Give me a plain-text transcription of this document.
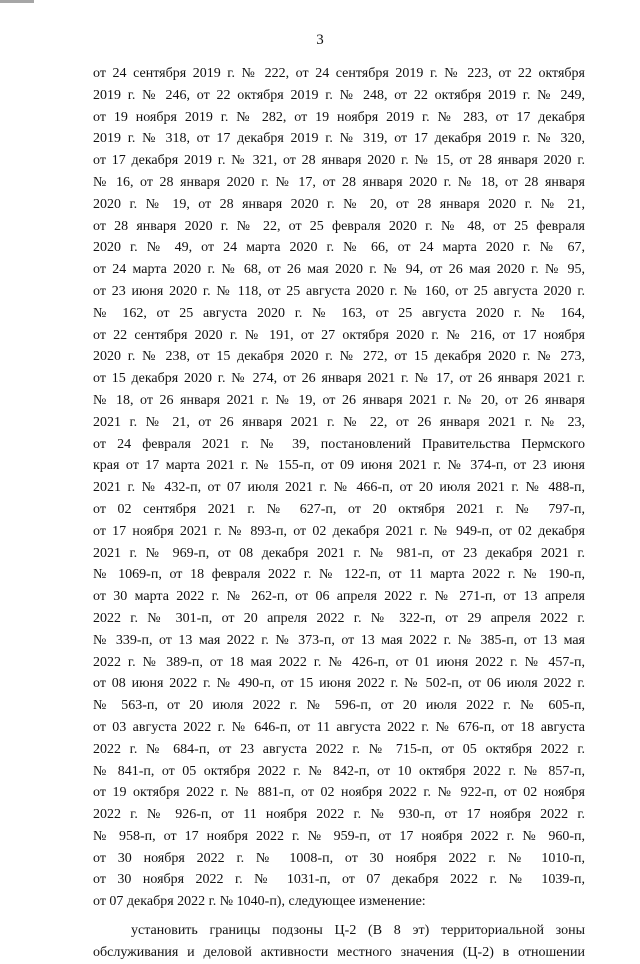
3
от 24 сентября 2019 г. № 222, от 24 сентября 2019 г. № 223, от 22 октября
2019 г. № 246, от 22 октября 2019 г. № 248, от 22 октября 2019 г. № 249,
от 19 ноября 2019 г. № 282, от 19 ноября 2019 г. № 283, от 17 декабря
2019 г. № 318, от 17 декабря 2019 г. № 319, от 17 декабря 2019 г. № 320,
от 17 декабря 2019 г. № 321, от 28 января 2020 г. № 15, от 28 января 2020 г.
№ 16, от 28 января 2020 г. № 17, от 28 января 2020 г. № 18, от 28 января
2020 г. № 19, от 28 января 2020 г. № 20, от 28 января 2020 г. № 21,
от 28 января 2020 г. № 22, от 25 февраля 2020 г. № 48, от 25 февраля
2020 г. № 49, от 24 марта 2020 г. № 66, от 24 марта 2020 г. № 67,
от 24 марта 2020 г. № 68, от 26 мая 2020 г. № 94, от 26 мая 2020 г. № 95,
от 23 июня 2020 г. № 118, от 25 августа 2020 г. № 160, от 25 августа 2020 г.
№ 162, от 25 августа 2020 г. № 163, от 25 августа 2020 г. № 164,
от 22 сентября 2020 г. № 191, от 27 октября 2020 г. № 216, от 17 ноября
2020 г. № 238, от 15 декабря 2020 г. № 272, от 15 декабря 2020 г. № 273,
от 15 декабря 2020 г. № 274, от 26 января 2021 г. № 17, от 26 января 2021 г.
№ 18, от 26 января 2021 г. № 19, от 26 января 2021 г. № 20, от 26 января
2021 г. № 21, от 26 января 2021 г. № 22, от 26 января 2021 г. № 23,
от 24 февраля 2021 г. № 39, постановлений Правительства Пермского
края от 17 марта 2021 г. № 155-п, от 09 июня 2021 г. № 374-п, от 23 июня
2021 г. № 432-п, от 07 июля 2021 г. № 466-п, от 20 июля 2021 г. № 488-п,
от 02 сентября 2021 г. № 627-п, от 20 октября 2021 г. № 797-п,
от 17 ноября 2021 г. № 893-п, от 02 декабря 2021 г. № 949-п, от 02 декабря
2021 г. № 969-п, от 08 декабря 2021 г. № 981-п, от 23 декабря 2021 г.
№ 1069-п, от 18 февраля 2022 г. № 122-п, от 11 марта 2022 г. № 190-п,
от 30 марта 2022 г. № 262-п, от 06 апреля 2022 г. № 271-п, от 13 апреля
2022 г. № 301-п, от 20 апреля 2022 г. № 322-п, от 29 апреля 2022 г.
№ 339-п, от 13 мая 2022 г. № 373-п, от 13 мая 2022 г. № 385-п, от 13 мая
2022 г. № 389-п, от 18 мая 2022 г. № 426-п, от 01 июня 2022 г. № 457-п,
от 08 июня 2022 г. № 490-п, от 15 июня 2022 г. № 502-п, от 06 июля 2022 г.
№ 563-п, от 20 июля 2022 г. № 596-п, от 20 июля 2022 г. № 605-п,
от 03 августа 2022 г. № 646-п, от 11 августа 2022 г. № 676-п, от 18 августа
2022 г. № 684-п, от 23 августа 2022 г. № 715-п, от 05 октября 2022 г.
№ 841-п, от 05 октября 2022 г. № 842-п, от 10 октября 2022 г. № 857-п,
от 19 октября 2022 г. № 881-п, от 02 ноября 2022 г. № 922-п, от 02 ноября
2022 г. № 926-п, от 11 ноября 2022 г. № 930-п, от 17 ноября 2022 г.
№ 958-п, от 17 ноября 2022 г. № 959-п, от 17 ноября 2022 г. № 960-п,
от 30 ноября 2022 г. № 1008-п, от 30 ноября 2022 г. № 1010-п,
от 30 ноября 2022 г. № 1031-п, от 07 декабря 2022 г. № 1039-п,
от 07 декабря 2022 г. № 1040-п), следующее изменение:
установить границы подзоны Ц-2 (В 8 эт) территориальной зоны
обслуживания и деловой активности местного значения (Ц-2) в отношении
